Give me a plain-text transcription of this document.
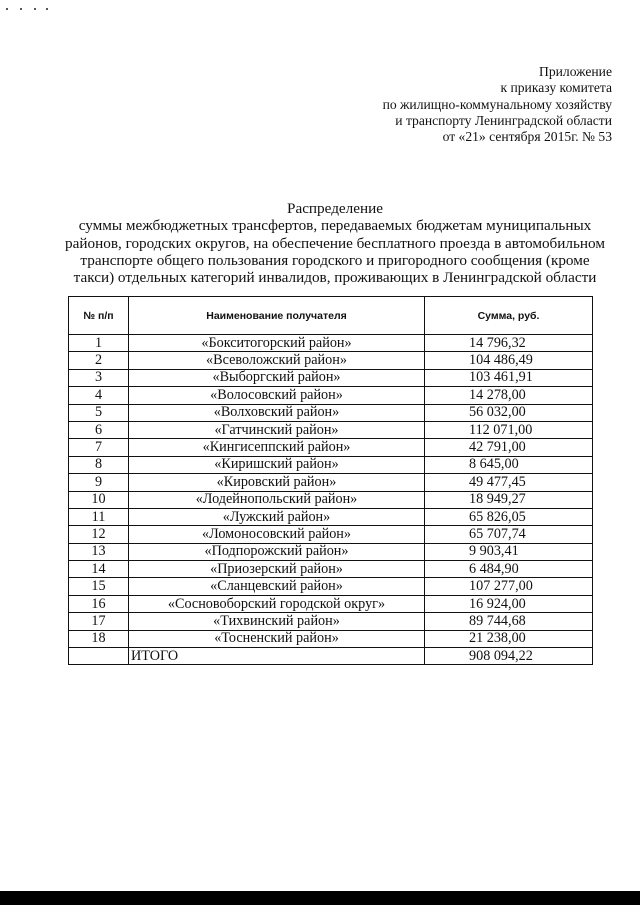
Приложение
к приказу комитета
по жилищно-коммунальному хозяйству
и транспорту Ленинградской области
от «21» сентября 2015г. № 53
Распределение
суммы межбюджетных трансфертов, передаваемых бюджетам муниципальных
районов, городских округов, на обеспечение бесплатного проезда в автомобильном
транспорте общего пользования городского и пригородного сообщения (кроме
такси) отдельных категорий инвалидов, проживающих в Ленинградской области
№ п/п	Наименование получателя	Сумма, руб.
1	«Бокситогорский район»	14 796,32
2	«Всеволожский район»	104 486,49
3	«Выборгский район»	103 461,91
4	«Волосовский район»	14 278,00
5	«Волховский район»	56 032,00
6	«Гатчинский район»	112 071,00
7	«Кингисеппский район»	42 791,00
8	«Киришский район»	8 645,00
9	«Кировский район»	49 477,45
10	«Лодейнопольский район»	18 949,27
11	«Лужский район»	65 826,05
12	«Ломоносовский район»	65 707,74
13	«Подпорожский район»	9 903,41
14	«Приозерский район»	6 484,90
15	«Сланцевский район»	107 277,00
16	«Сосновоборский городской округ»	16 924,00
17	«Тихвинский район»	89 744,68
18	«Тосненский район»	21 238,00
	ИТОГО	908 094,22
